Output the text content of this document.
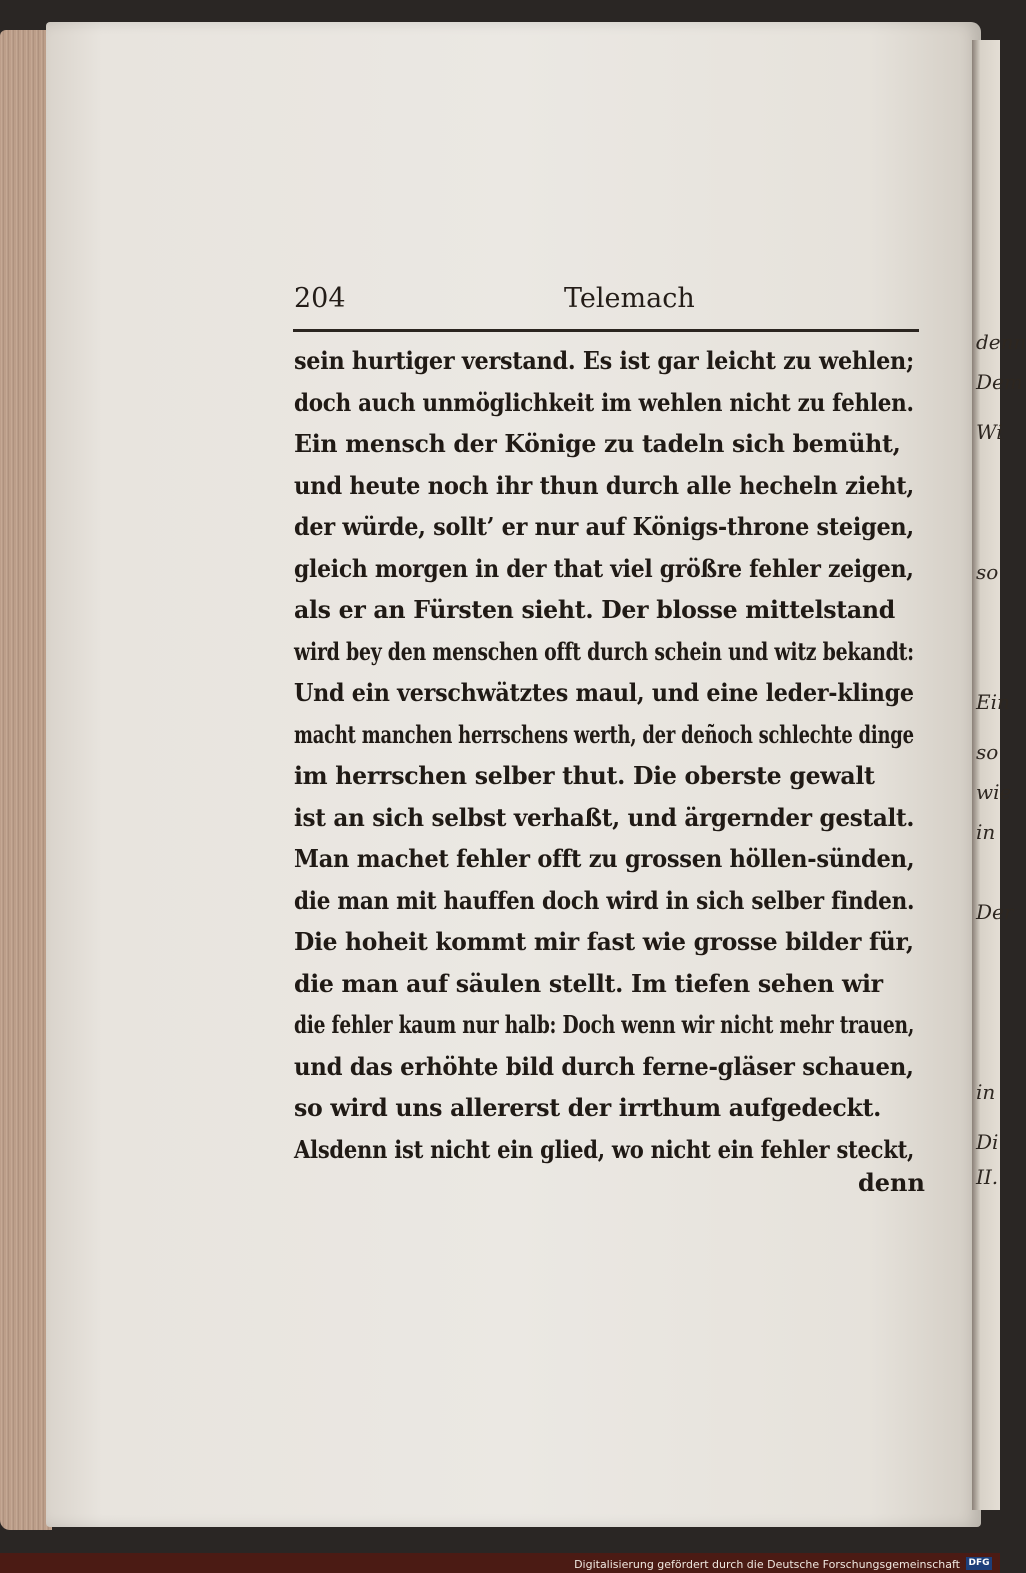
denn
Dem
Wi
so
Ein
so
wie
in
Der
in
Di
II.
204	Telemach
sein hurtiger verstand. Es ist gar leicht zu wehlen;
doch auch unmöglichkeit im wehlen nicht zu fehlen.
Ein mensch der Könige zu tadeln sich bemüht,
und heute noch ihr thun durch alle hecheln zieht,
der würde, sollt’ er nur auf Königs-throne steigen,
gleich morgen in der that viel größre fehler zeigen,
als er an Fürsten sieht. Der blosse mittelstand
wird bey den menschen offt durch schein und witz bekandt:
Und ein verschwätztes maul, und eine leder-klinge
macht manchen herrschens werth, der deñoch schlechte dinge
im herrschen selber thut. Die oberste gewalt
ist an sich selbst verhaßt, und ärgernder gestalt.
Man machet fehler offt zu grossen höllen-sünden,
die man mit hauffen doch wird in sich selber finden.
Die hoheit kommt mir fast wie grosse bilder für,
die man auf säulen stellt. Im tiefen sehen wir
die fehler kaum nur halb: Doch wenn wir nicht mehr trauen,
und das erhöhte bild durch ferne-gläser schauen,
so wird uns allererst der irrthum aufgedeckt.
Alsdenn ist nicht ein glied, wo nicht ein fehler steckt,
denn
Digitalisierung gefördert durch die Deutsche Forschungsgemeinschaft DFG
